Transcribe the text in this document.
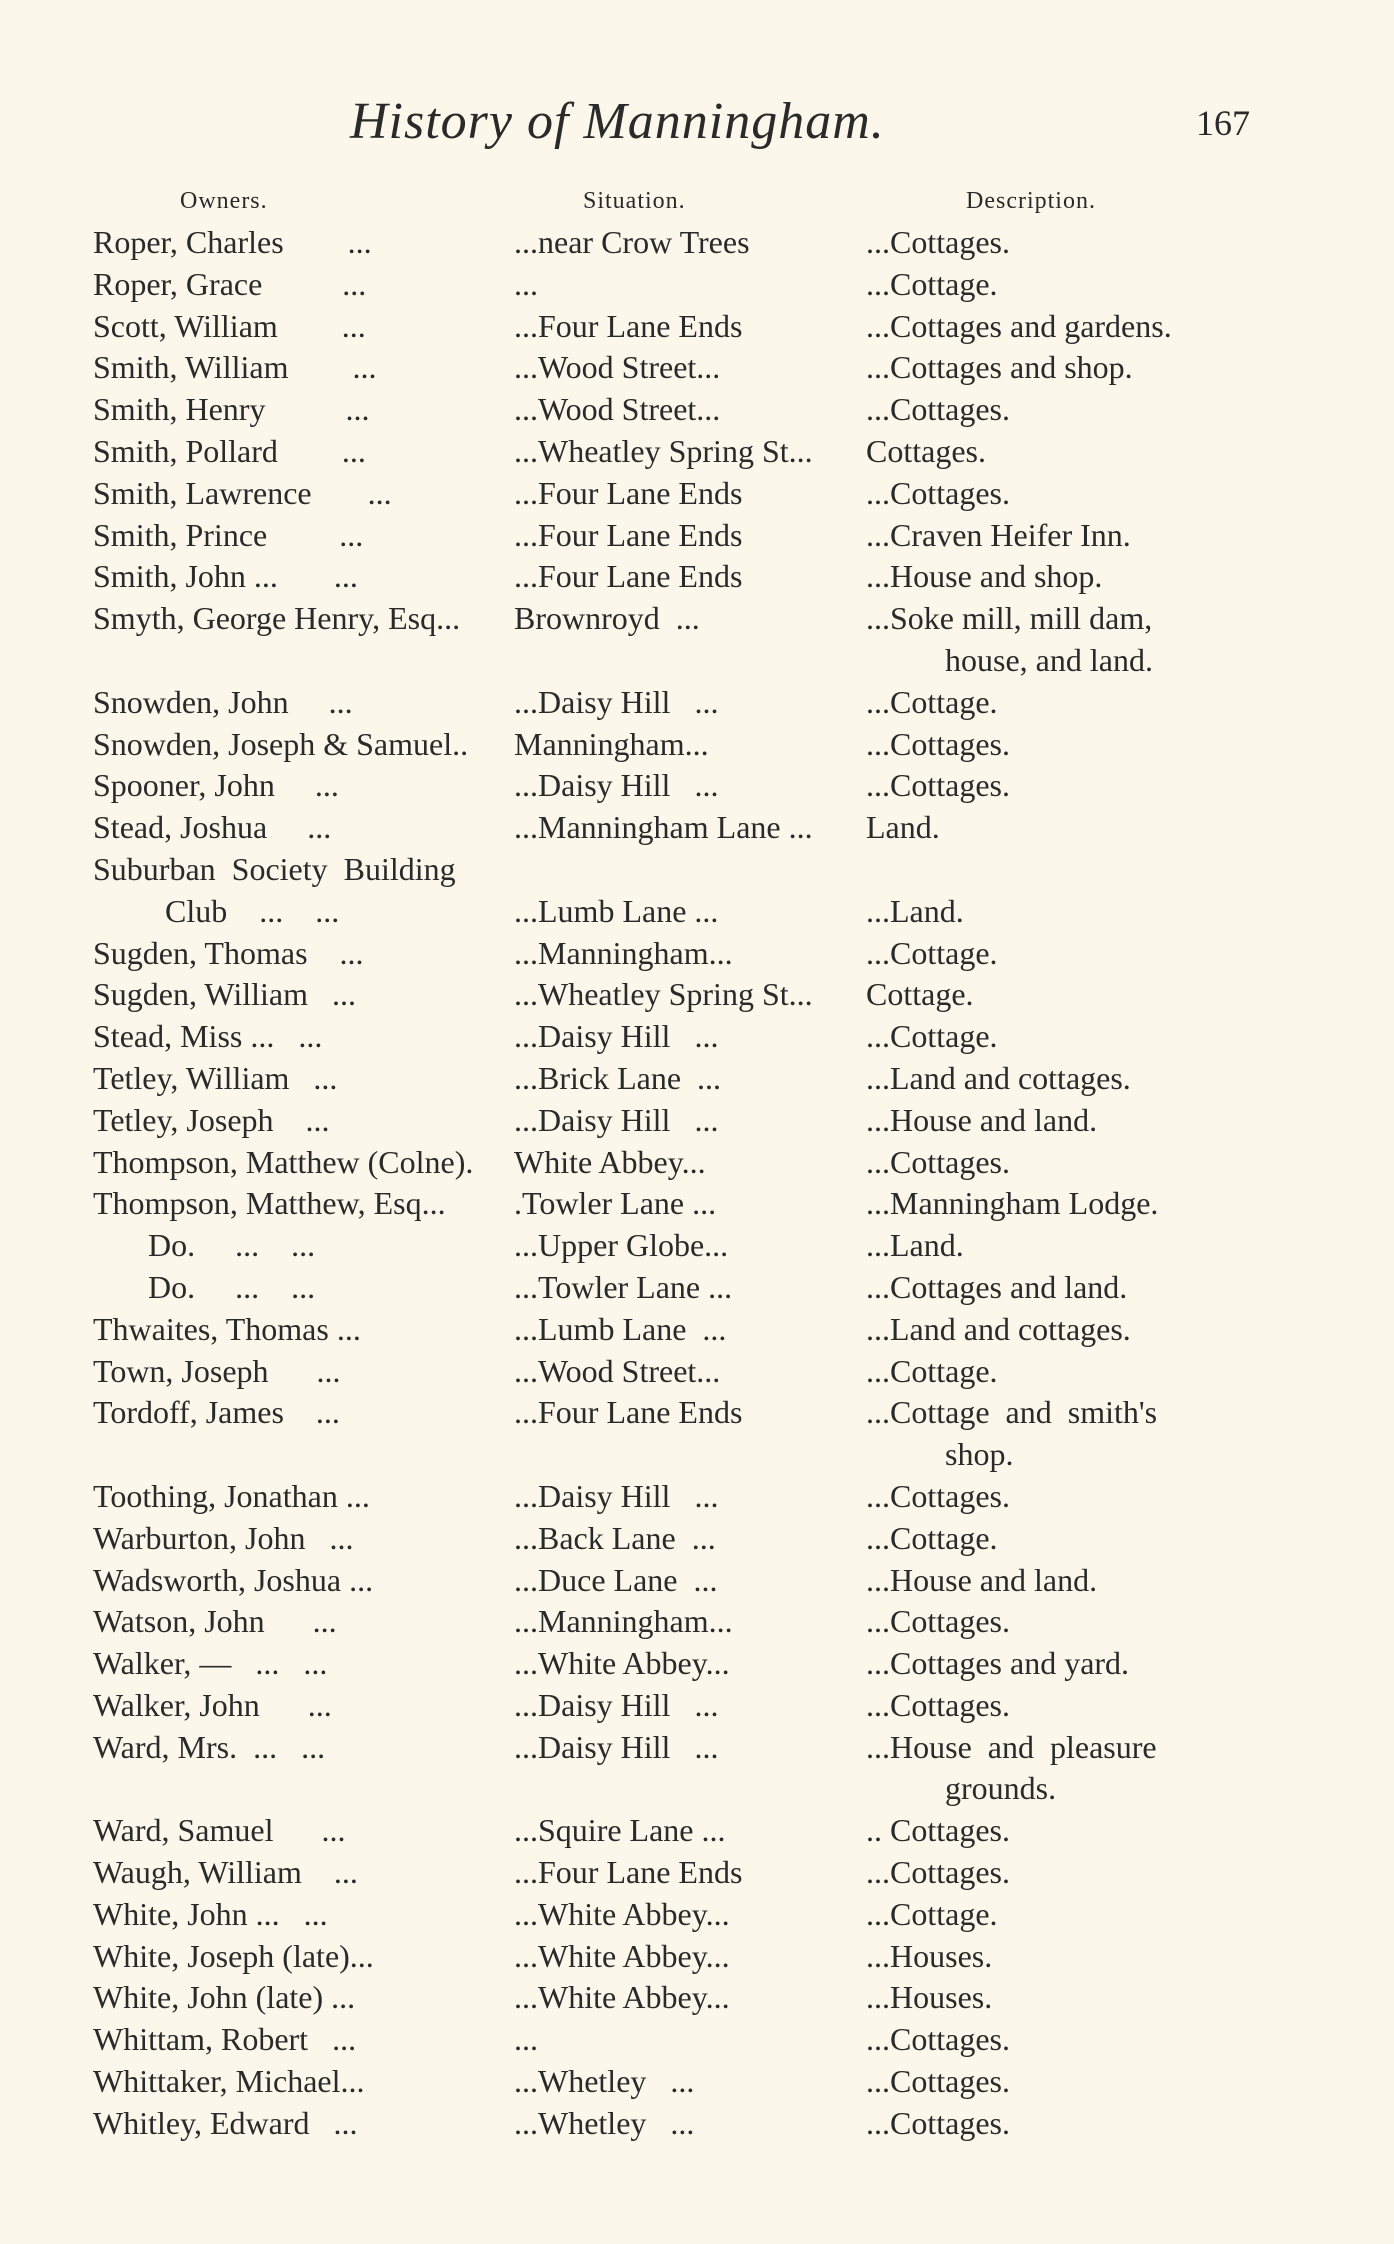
History of Manningham.	167
Owners.	Situation.	Description.
Roper, Charles        ...	...near Crow Trees	...Cottages.
Roper, Grace          ...	...	...Cottage.
Scott, William        ...	...Four Lane Ends	...Cottages and gardens.
Smith, William        ...	...Wood Street...	...Cottages and shop.
Smith, Henry          ...	...Wood Street...	...Cottages.
Smith, Pollard        ...	...Wheatley Spring St... Cottages.
Smith, Lawrence       ...	...Four Lane Ends	...Cottages.
Smith, Prince         ...	...Four Lane Ends	...Craven Heifer Inn.
Smith, John ...       ...	...Four Lane Ends	...House and shop.
Smyth, George Henry, Esq... Brownroyd  ...	...Soke mill, mill dam,
house, and land.
Snowden, John     ...	...Daisy Hill   ...	...Cottage.
Snowden, Joseph & Samuel.. Manningham...	...Cottages.
Spooner, John     ...	...Daisy Hill   ...	...Cottages.
Stead, Joshua     ...	...Manningham Lane ... Land.
Suburban  Society  Building
Club    ...    ...	...Lumb Lane ...	...Land.
Sugden, Thomas    ...	...Manningham...	...Cottage.
Sugden, William   ...	...Wheatley Spring St... Cottage.
Stead, Miss ...   ...	...Daisy Hill   ...	...Cottage.
Tetley, William   ...	...Brick Lane  ...	...Land and cottages.
Tetley, Joseph    ...	...Daisy Hill   ...	...House and land.
Thompson, Matthew (Colne). White Abbey...	...Cottages.
Thompson, Matthew, Esq... .Towler Lane ...	...Manningham Lodge.
Do.     ...    ...	...Upper Globe...	...Land.
Do.     ...    ...	...Towler Lane ...	...Cottages and land.
Thwaites, Thomas ...	...Lumb Lane  ...	...Land and cottages.
Town, Joseph      ...	...Wood Street...	...Cottage.
Tordoff, James    ...	...Four Lane Ends	...Cottage  and  smith's
shop.
Toothing, Jonathan ...	...Daisy Hill   ...	...Cottages.
Warburton, John   ...	...Back Lane  ...	...Cottage.
Wadsworth, Joshua ...	...Duce Lane  ...	...House and land.
Watson, John      ...	...Manningham...	...Cottages.
Walker, —   ...   ...	...White Abbey...	...Cottages and yard.
Walker, John      ...	...Daisy Hill   ...	...Cottages.
Ward, Mrs.  ...   ...	...Daisy Hill   ...	...House  and  pleasure
grounds.
Ward, Samuel      ...	...Squire Lane ...	.. Cottages.
Waugh, William    ...	...Four Lane Ends	...Cottages.
White, John ...   ...	...White Abbey...	...Cottage.
White, Joseph (late)...	...White Abbey...	...Houses.
White, John (late) ...	...White Abbey...	...Houses.
Whittam, Robert   ...	...	...Cottages.
Whittaker, Michael...	...Whetley   ...	...Cottages.
Whitley, Edward   ...	...Whetley   ...	...Cottages.
